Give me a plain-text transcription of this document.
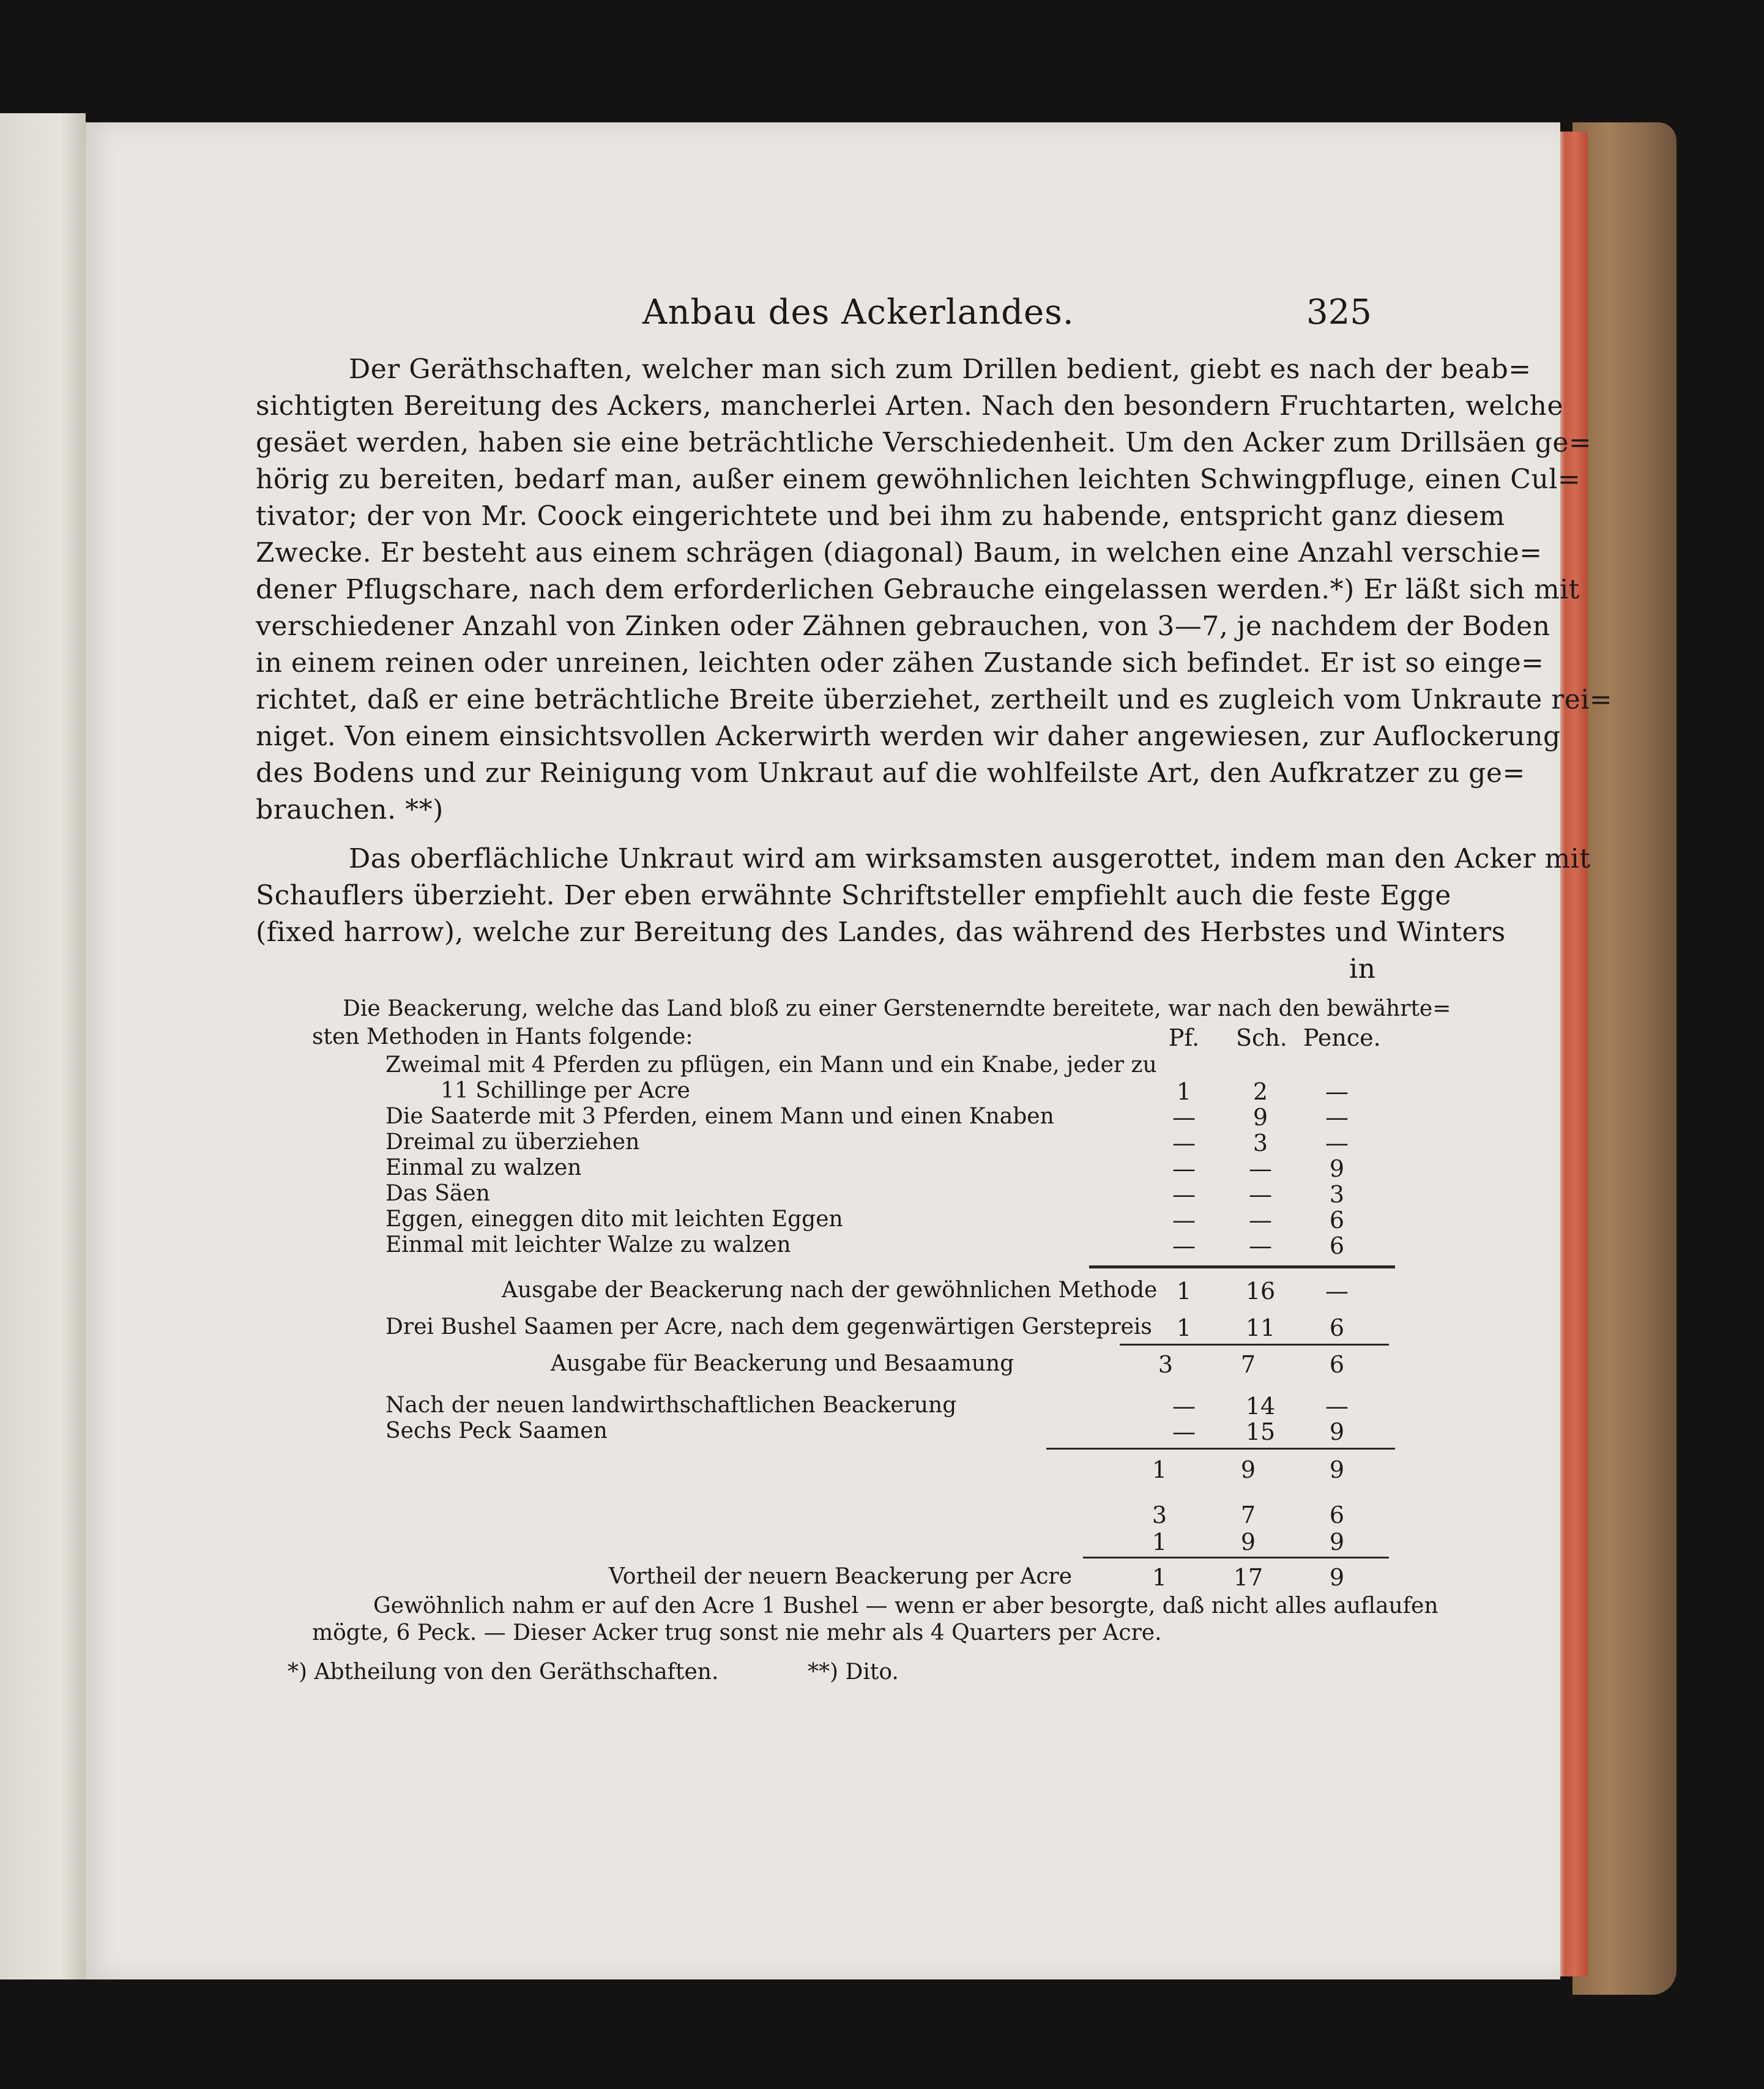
Anbau des Ackerlandes.	325
Der Geräthschaften, welcher man sich zum Drillen bedient, giebt es nach der beab=
sichtigten Bereitung des Ackers, mancherlei Arten. Nach den besondern Fruchtarten, welche
gesäet werden, haben sie eine beträchtliche Verschiedenheit. Um den Acker zum Drillsäen ge=
hörig zu bereiten, bedarf man, außer einem gewöhnlichen leichten Schwingpfluge, einen Cul=
tivator; der von Mr. Coock eingerichtete und bei ihm zu habende, entspricht ganz diesem
Zwecke. Er besteht aus einem schrägen (diagonal) Baum, in welchen eine Anzahl verschie=
dener Pflugschare, nach dem erforderlichen Gebrauche eingelassen werden.*) Er läßt sich mit
verschiedener Anzahl von Zinken oder Zähnen gebrauchen, von 3—7, je nachdem der Boden
in einem reinen oder unreinen, leichten oder zähen Zustande sich befindet. Er ist so einge=
richtet, daß er eine beträchtliche Breite überziehet, zertheilt und es zugleich vom Unkraute rei=
niget. Von einem einsichtsvollen Ackerwirth werden wir daher angewiesen, zur Auflockerung
des Bodens und zur Reinigung vom Unkraut auf die wohlfeilste Art, den Aufkratzer zu ge=
brauchen. **)
Das oberflächliche Unkraut wird am wirksamsten ausgerottet, indem man den Acker mit
Schauflers überzieht. Der eben erwähnte Schriftsteller empfiehlt auch die feste Egge
(fixed harrow), welche zur Bereitung des Landes, das während des Herbstes und Winters
in
Die Beackerung, welche das Land bloß zu einer Gerstenerndte bereitete, war nach den bewährte=
sten Methoden in Hants folgende:	Pf.	Sch. Pence.
Zweimal mit 4 Pferden zu pflügen, ein Mann und ein Knabe, jeder zu
11 Schillinge per Acre	1	2	—
Die Saaterde mit 3 Pferden, einem Mann und einen Knaben	—	9	—
Dreimal zu überziehen	—	3	—
Einmal zu walzen	—	—	9
Das Säen	—	—	3
Eggen, eineggen dito mit leichten Eggen	—	—	6
Einmal mit leichter Walze zu walzen	—	—	6
Ausgabe der Beackerung nach der gewöhnlichen Methode 1	16	—
Drei Bushel Saamen per Acre, nach dem gegenwärtigen Gerstepreis	1	11	6
Ausgabe für Beackerung und Besaamung	3	7	6
Nach der neuen landwirthschaftlichen Beackerung	—	14	—
Sechs Peck Saamen	—	15	9
1	9	9
3	7	6
1	9	9
Vortheil der neuern Beackerung per Acre	1	17	9
Gewöhnlich nahm er auf den Acre 1 Bushel — wenn er aber besorgte, daß nicht alles auflaufen
mögte, 6 Peck. — Dieser Acker trug sonst nie mehr als 4 Quarters per Acre.
*) Abtheilung von den Geräthschaften.	**) Dito.
